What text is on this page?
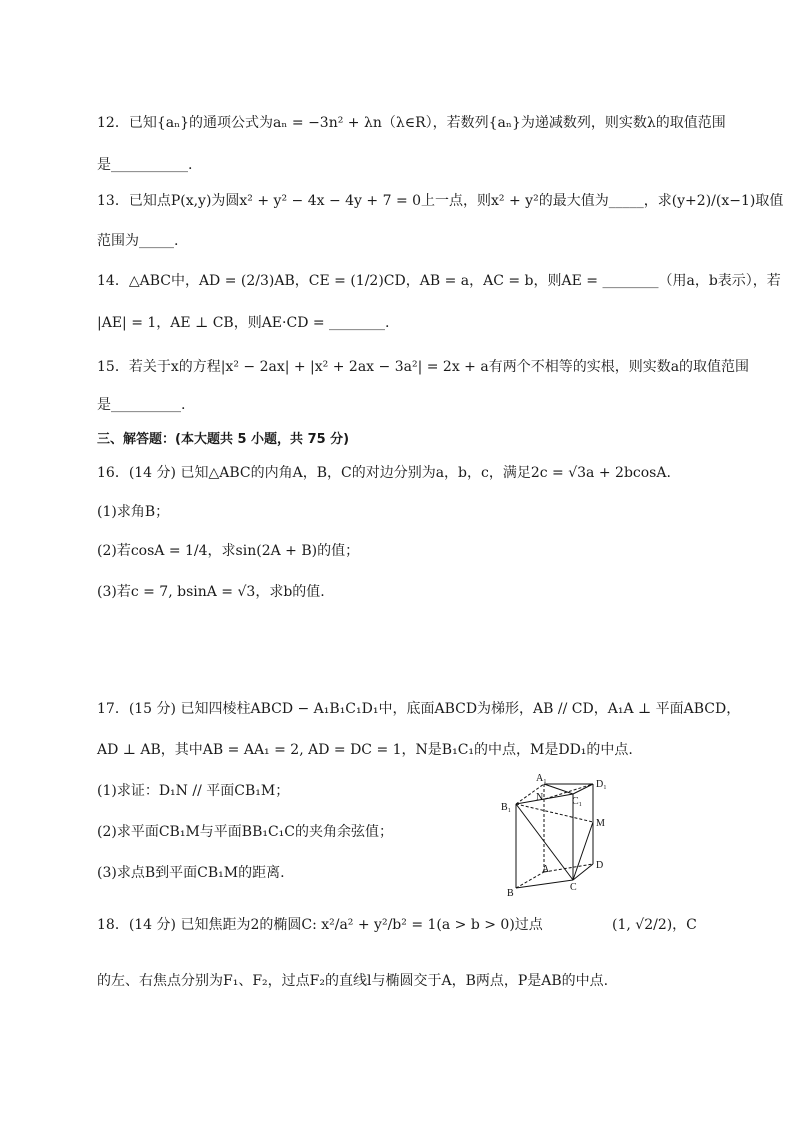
12．已知{aₙ}的通项公式为aₙ = −3n² + λn（λ∈R），若数列{aₙ}为递减数列，则实数λ的取值范围
是___________.
13．已知点P(x,y)为圆x² + y² − 4x − 4y + 7 = 0上一点，则x² + y²的最大值为_____，求(y+2)/(x−1)取值
范围为_____.
14．△ABC中，AD = (2/3)AB，CE = (1/2)CD，AB = a，AC = b，则AE = ________（用a，b表示），若
|AE| = 1，AE ⊥ CB，则AE·CD = ________.
15．若关于x的方程|x² − 2ax| + |x² + 2ax − 3a²| = 2x + a有两个不相等的实根，则实数a的取值范围
是__________.
三、解答题：(本大题共 5 小题，共 75 分)
16．(14 分) 已知△ABC的内角A，B，C的对边分别为a，b，c，满足2c = √3a + 2bcosA.
(1)求角B；
(2)若cosA = 1/4，求sin(2A + B)的值；
(3)若c = 7, bsinA = √3，求b的值.
17．(15 分) 已知四棱柱ABCD − A₁B₁C₁D₁中，底面ABCD为梯形，AB // CD，A₁A ⊥ 平面ABCD，
AD ⊥ AB，其中AB = AA₁ = 2, AD = DC = 1，N是B₁C₁的中点，M是DD₁的中点.
(1)求证：D₁N // 平面CB₁M；
(2)求平面CB₁M与平面BB₁C₁C的夹角余弦值；
(3)求点B到平面CB₁M的距离.
A₁
D₁
B₁
N	C₁
M
A	D
C
B
18．(14 分) 已知焦距为2的椭圆C: x²/a² + y²/b² = 1(a > b > 0)过点	(1, √2/2)，C
的左、右焦点分别为F₁、F₂，过点F₂的直线l与椭圆交于A，B两点，P是AB的中点.
